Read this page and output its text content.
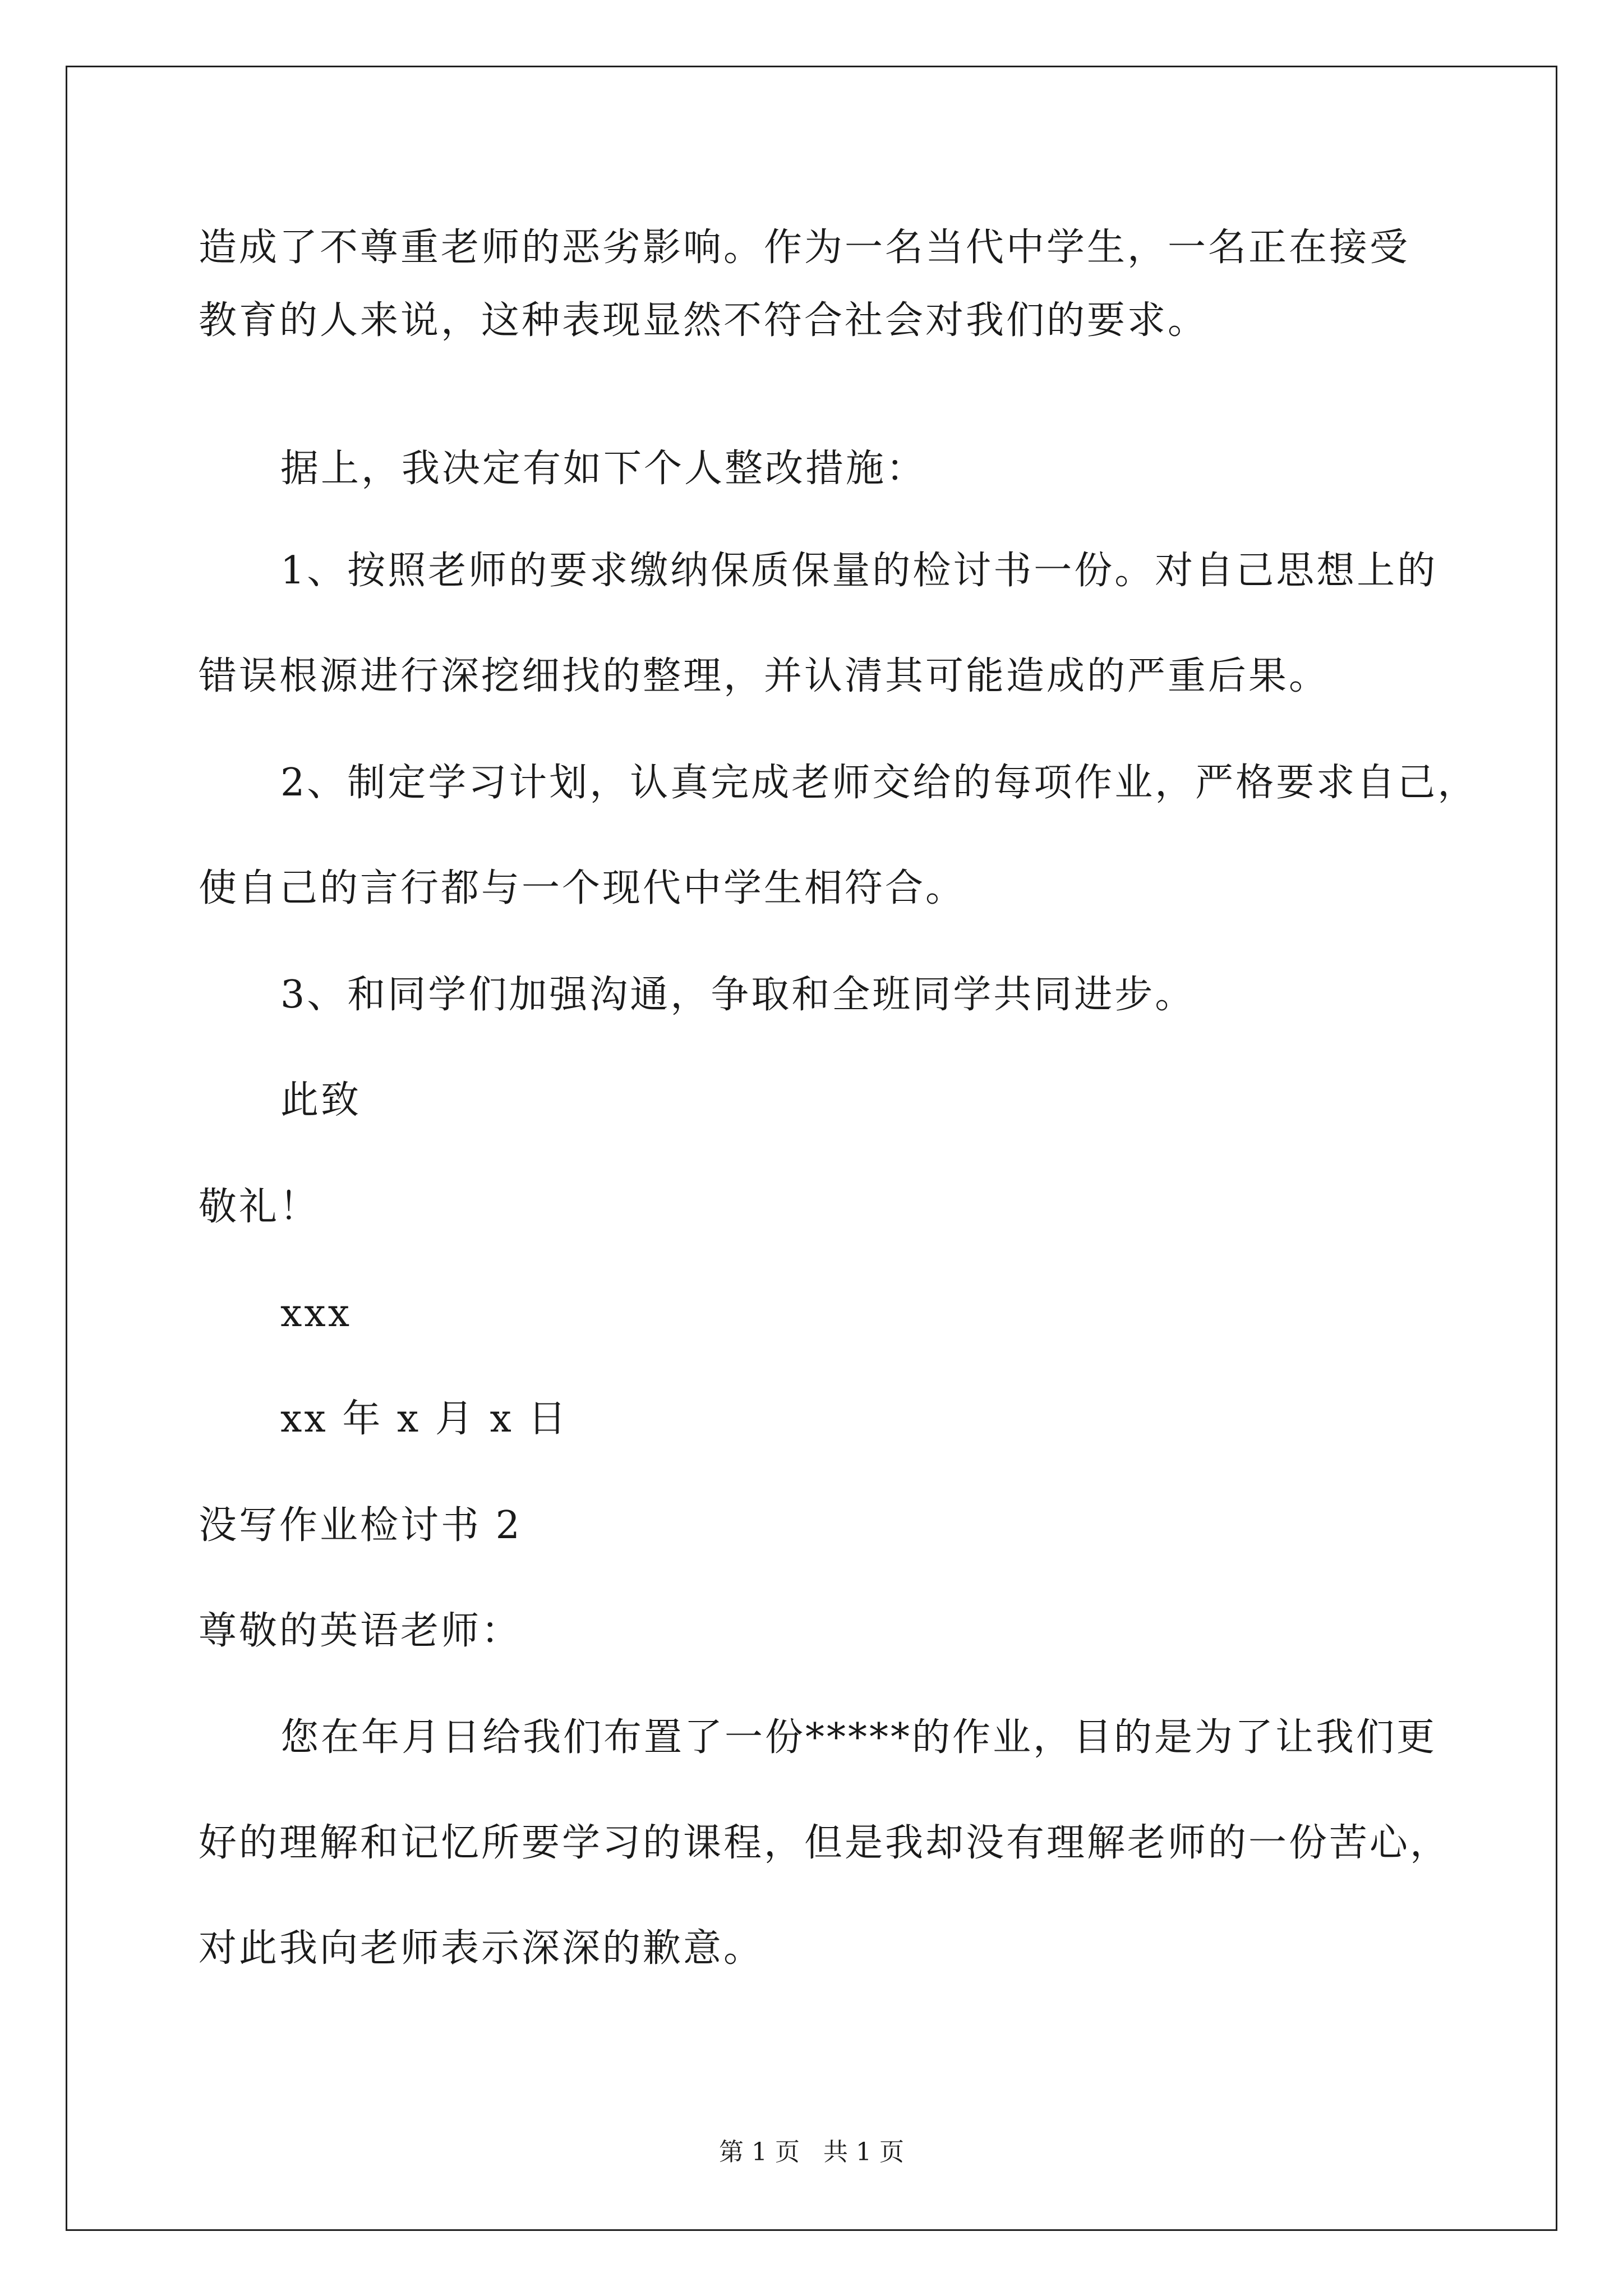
造成了不尊重老师的恶劣影响。作为一名当代中学生，一名正在接受
教育的人来说，这种表现显然不符合社会对我们的要求。
据上，我决定有如下个人整改措施：
1、按照老师的要求缴纳保质保量的检讨书一份。对自己思想上的
错误根源进行深挖细找的整理，并认清其可能造成的严重后果。
2、制定学习计划，认真完成老师交给的每项作业，严格要求自己，
使自己的言行都与一个现代中学生相符合。
3、和同学们加强沟通，争取和全班同学共同进步。
此致
敬礼！
xxx
xx 年 x 月 x 日
没写作业检讨书 2
尊敬的英语老师：
您在年月日给我们布置了一份*****的作业，目的是为了让我们更
好的理解和记忆所要学习的课程，但是我却没有理解老师的一份苦心，
对此我向老师表示深深的歉意。
第 1 页   共 1 页
